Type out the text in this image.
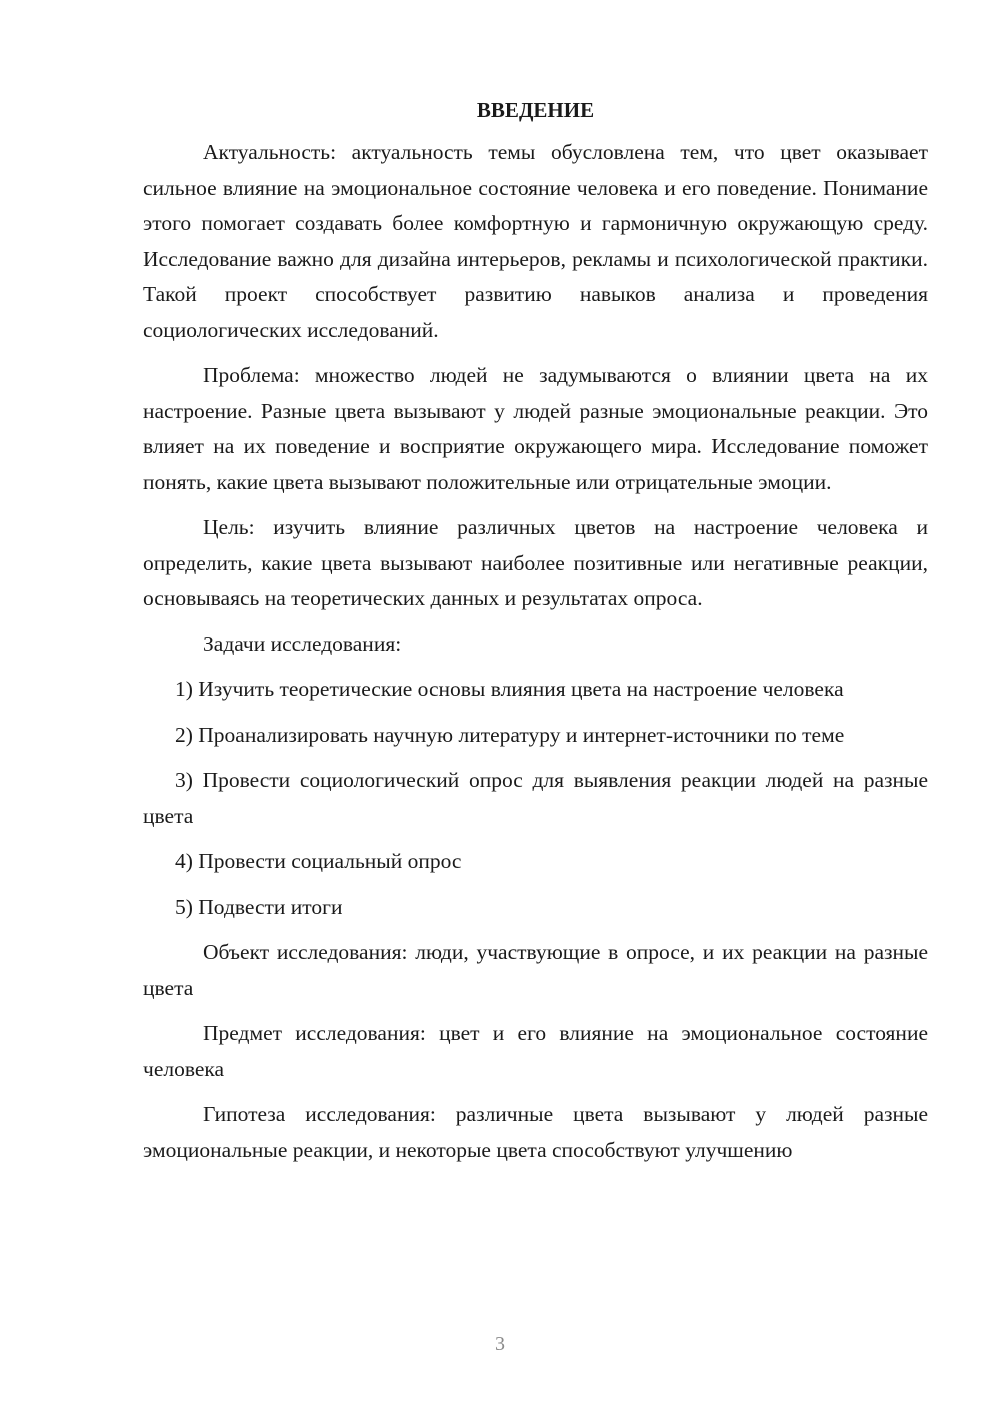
ВВЕДЕНИЕ
Актуальность: актуальность темы обусловлена тем, что цвет оказывает сильное влияние на эмоциональное состояние человека и его поведение. Понимание этого помогает создавать более комфортную и гармоничную окружающую среду. Исследование важно для дизайна интерьеров, рекламы и психологической практики. Такой проект способствует развитию навыков анализа и проведения социологических исследований.
Проблема: множество людей не задумываются о влиянии цвета на их настроение. Разные цвета вызывают у людей разные эмоциональные реакции. Это влияет на их поведение и восприятие окружающего мира. Исследование поможет понять, какие цвета вызывают положительные или отрицательные эмоции.
Цель: изучить влияние различных цветов на настроение человека и определить, какие цвета вызывают наиболее позитивные или негативные реакции, основываясь на теоретических данных и результатах опроса.
Задачи исследования:
1) Изучить теоретические основы влияния цвета на настроение человека
2) Проанализировать научную литературу и интернет-источники по теме
3) Провести социологический опрос для выявления реакции людей на разные цвета
4) Провести социальный опрос
5) Подвести итоги
Объект исследования: люди, участвующие в опросе, и их реакции на разные цвета
Предмет исследования: цвет и его влияние на эмоциональное состояние человека
Гипотеза исследования: различные цвета вызывают у людей разные эмоциональные реакции, и некоторые цвета способствуют улучшению
3
